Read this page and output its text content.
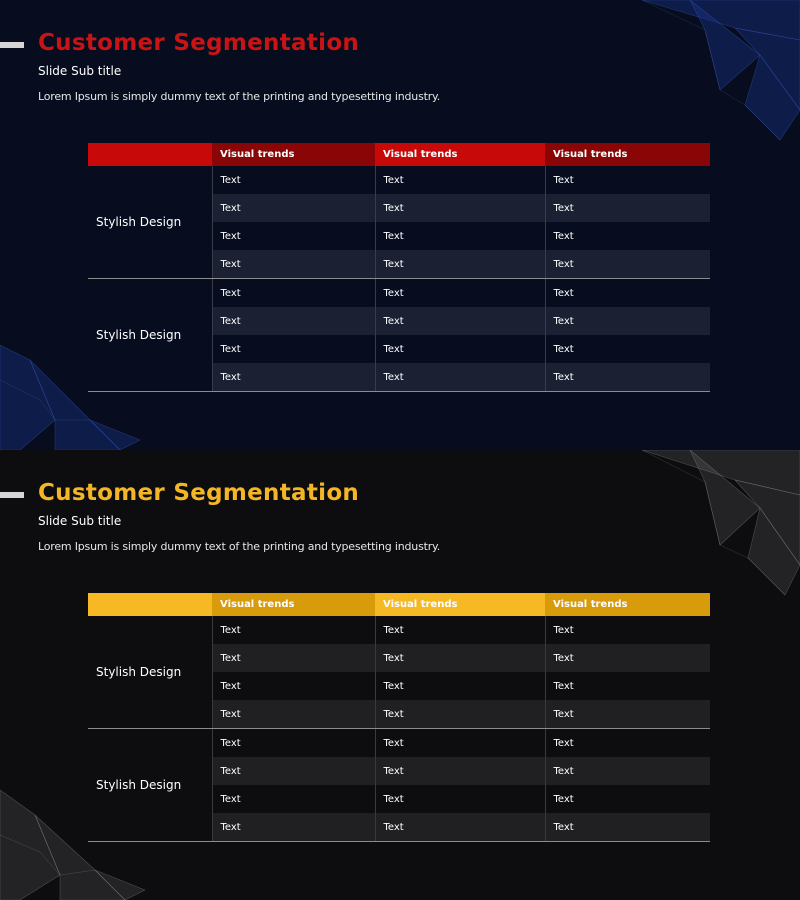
Customer Segmentation
Slide Sub title
Lorem Ipsum is simply dummy text of the printing and typesetting industry.
	Visual trends	Visual trends	Visual trends
Stylish Design	Text	Text	Text
	Text	Text	Text
	Text	Text	Text
	Text	Text	Text
Stylish Design	Text	Text	Text
	Text	Text	Text
	Text	Text	Text
	Text	Text	Text
Customer Segmentation
Slide Sub title
Lorem Ipsum is simply dummy text of the printing and typesetting industry.
	Visual trends	Visual trends	Visual trends
Stylish Design	Text	Text	Text
	Text	Text	Text
	Text	Text	Text
	Text	Text	Text
Stylish Design	Text	Text	Text
	Text	Text	Text
	Text	Text	Text
	Text	Text	Text
